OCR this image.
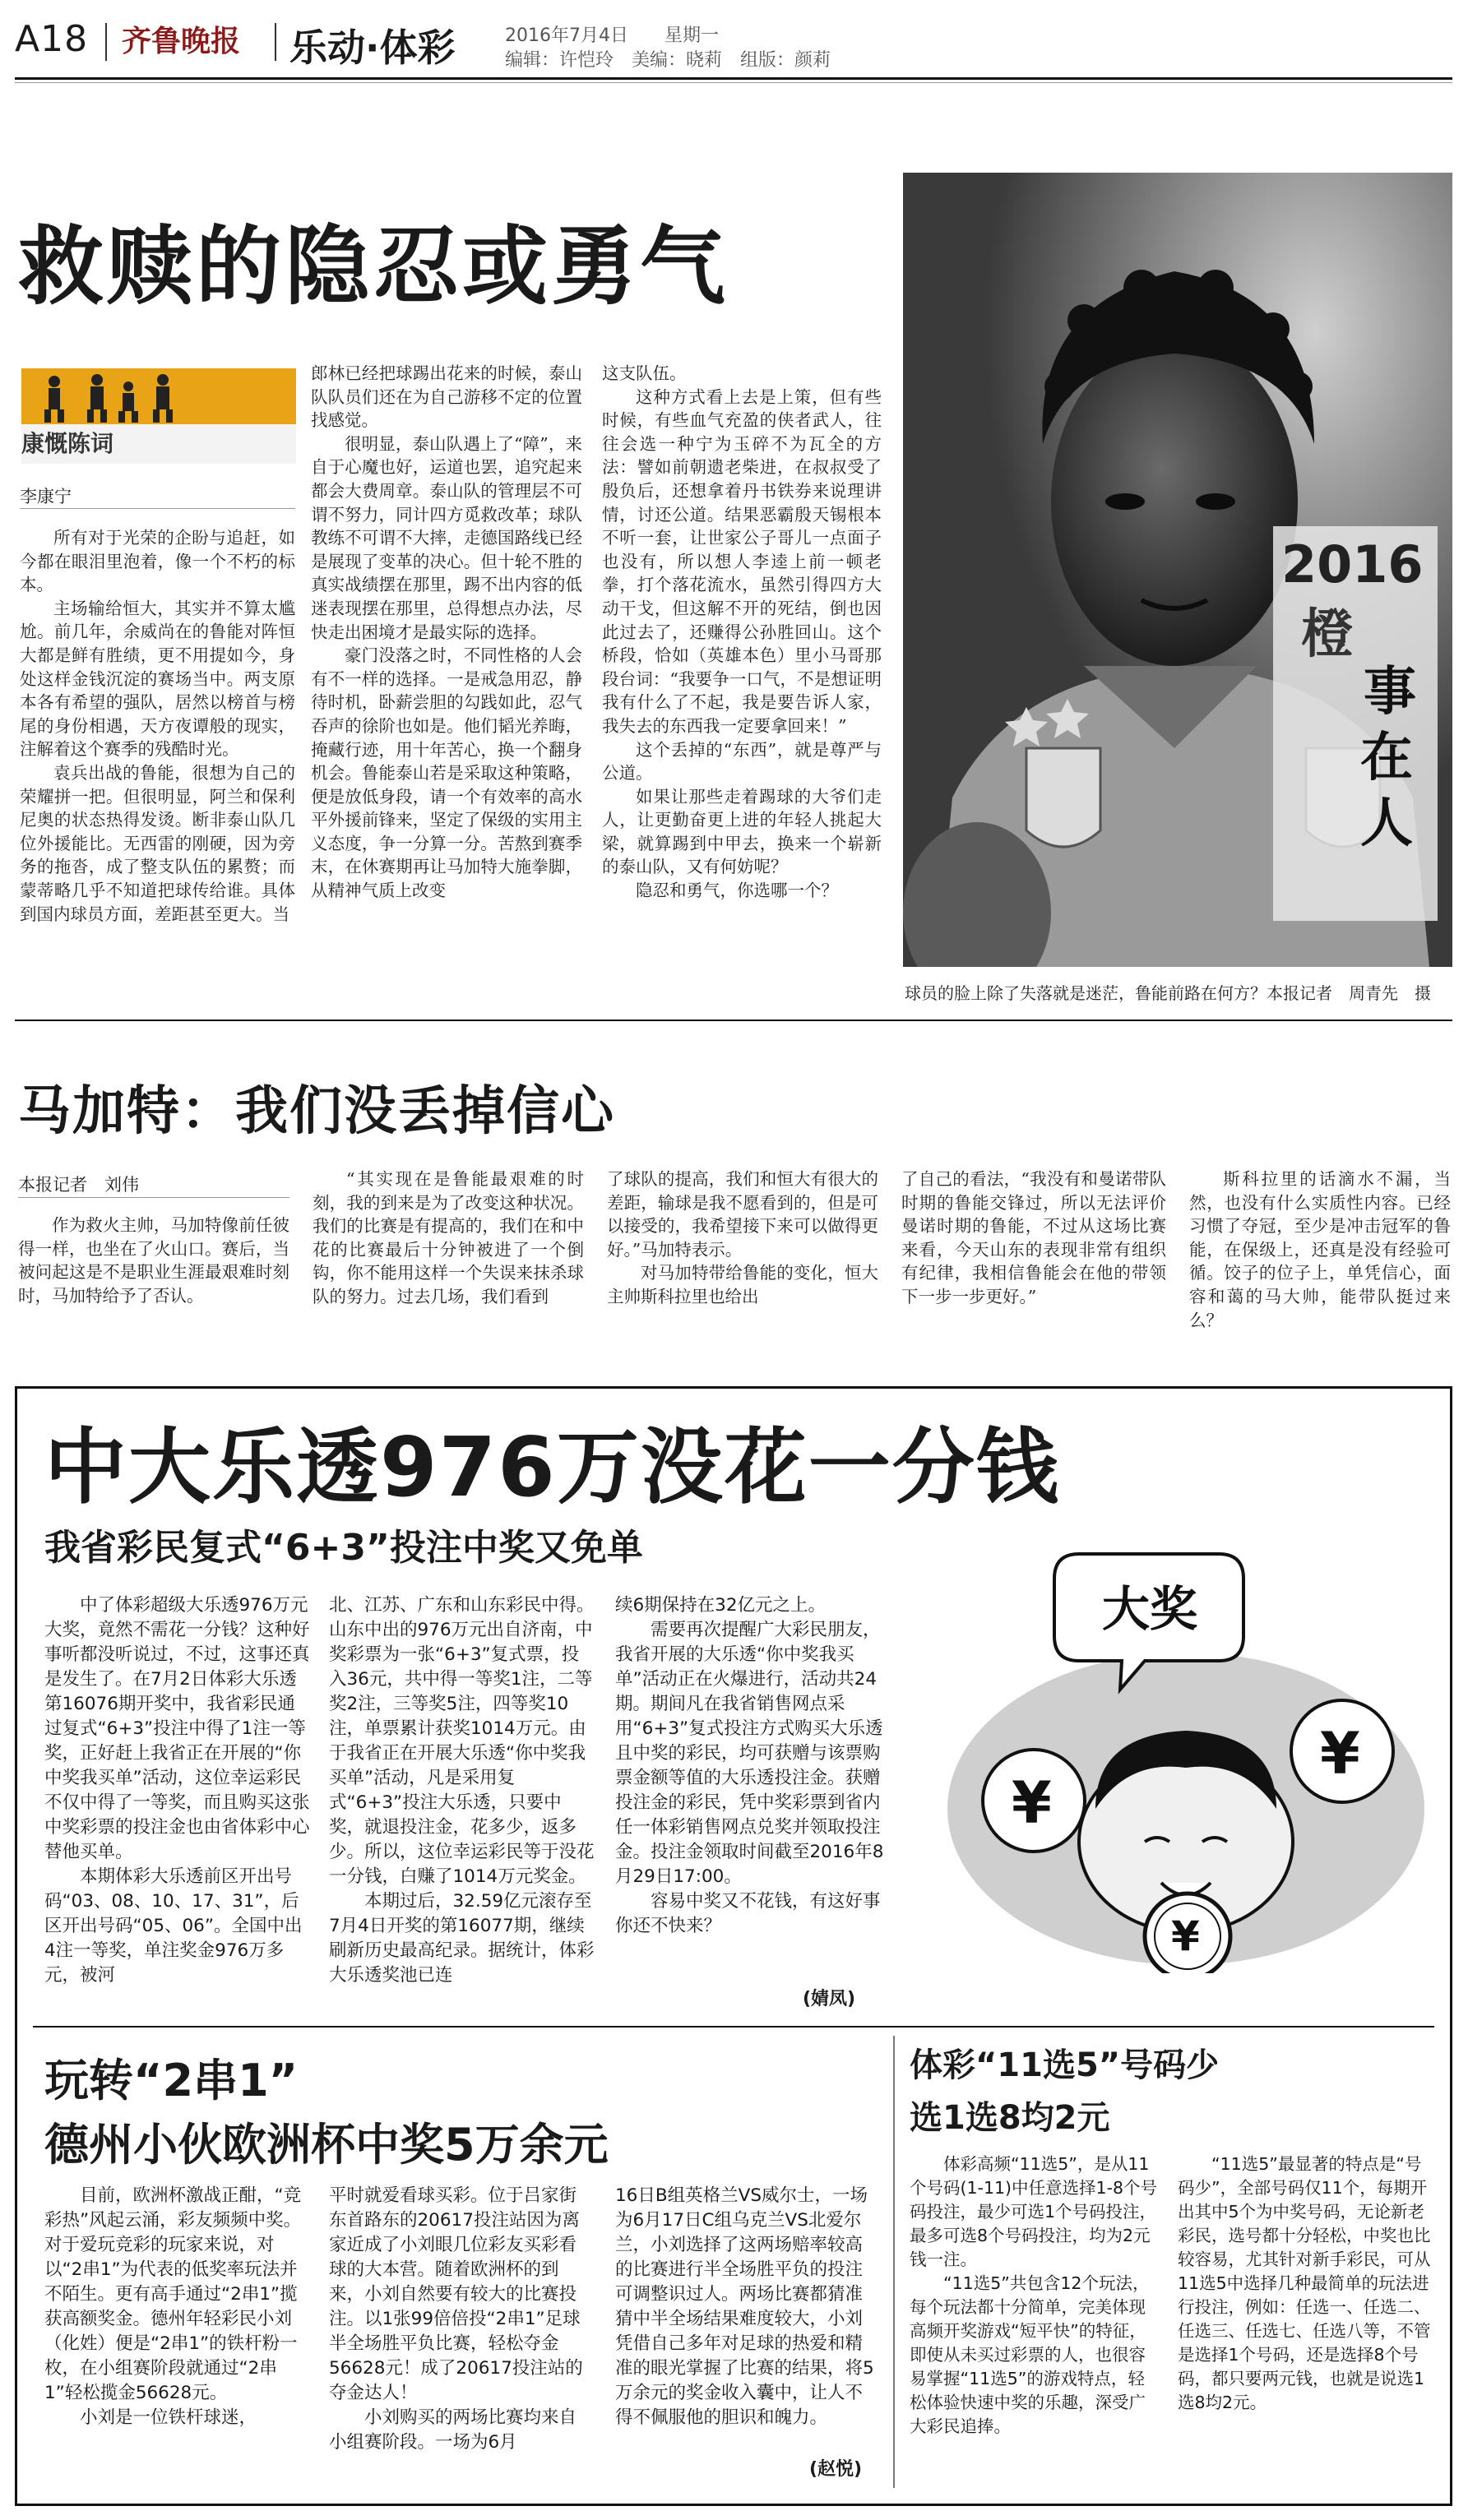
A18 齐鲁晚报 乐动·体彩	2016年7月4日　　 星期一
编辑：许恺玲　美编：晓莉　组版：颜莉
救赎的隐忍或勇气
康慨陈词
李康宁

所有对于光荣的企盼与追赶，如今都在眼泪里泡着，像一个不朽的标本。

主场输给恒大，其实并不算太尴尬。前几年，余威尚在的鲁能对阵恒大都是鲜有胜绩，更不用提如今，身处这样金钱沉淀的赛场当中。两支原本各有希望的强队，居然以榜首与榜尾的身份相遇，天方夜谭般的现实，注解着这个赛季的残酷时光。

袁兵出战的鲁能，很想为自己的荣耀拼一把。但很明显，阿兰和保利尼奥的状态热得发烫。断非泰山队几位外援能比。无西雷的刚硬，因为旁务的拖沓，成了整支队伍的累赘；而蒙蒂略几乎不知道把球传给谁。具体到国内球员方面，差距甚至更大。当

郎林已经把球踢出花来的时候，泰山队队员们还在为自己游移不定的位置找感觉。

很明显，泰山队遇上了“障”，来自于心魔也好，运道也罢，追究起来都会大费周章。泰山队的管理层不可谓不努力，同计四方觅救改革；球队教练不可谓不大摔，走德国路线已经是展现了变革的决心。但十轮不胜的真实战绩摆在那里，踢不出内容的低迷表现摆在那里，总得想点办法，尽快走出困境才是最实际的选择。

豪门没落之时，不同性格的人会有不一样的选择。一是戒急用忍，静待时机，卧薪尝胆的勾践如此，忍气吞声的徐阶也如是。他们韬光养晦，掩藏行迹，用十年苦心，换一个翻身机会。鲁能泰山若是采取这种策略，便是放低身段，请一个有效率的高水平外援前锋来，坚定了保级的实用主义态度，争一分算一分。苦熬到赛季末，在休赛期再让马加特大施拳脚，从精神气质上改变

这支队伍。

这种方式看上去是上策，但有些时候，有些血气充盈的侠者武人，往往会选一种宁为玉碎不为瓦全的方法：譬如前朝遗老柴进，在叔叔受了殷负后，还想拿着丹书铁券来说理讲情，讨还公道。结果恶霸殷天锡根本不听一套，让世家公子哥儿一点面子也没有，所以想人李逵上前一顿老拳，打个落花流水，虽然引得四方大动干戈，但这解不开的死结，倒也因此过去了，还赚得公孙胜回山。这个桥段，恰如（英雄本色）里小马哥那段台词：“我要争一口气，不是想证明我有什么了不起，我是要告诉人家，我失去的东西我一定要拿回来！”

这个丢掉的“东西”，就是尊严与公道。

如果让那些走着踢球的大爷们走人，让更勤奋更上进的年轻人挑起大梁，就算踢到中甲去，换来一个崭新的泰山队，又有何妨呢？

隐忍和勇气，你选哪一个？

2016
橙
事
在
人
球员的脸上除了失落就是迷茫，鲁能前路在何方？本报记者　周青先　摄
马加特：我们没丢掉信心
本报记者　刘伟

作为救火主帅，马加特像前任彼得一样，也坐在了火山口。赛后，当被问起这是不是职业生涯最艰难时刻时，马加特给予了否认。

“其实现在是鲁能最艰难的时刻，我的到来是为了改变这种状况。我们的比赛是有提高的，我们在和中花的比赛最后十分钟被进了一个倒钩，你不能用这样一个失误来抹杀球队的努力。过去几场，我们看到

了球队的提高，我们和恒大有很大的差距，输球是我不愿看到的，但是可以接受的，我希望接下来可以做得更好。”马加特表示。

对马加特带给鲁能的变化，恒大主帅斯科拉里也给出

了自己的看法，“我没有和曼诺带队时期的鲁能交锋过，所以无法评价曼诺时期的鲁能，不过从这场比赛来看，今天山东的表现非常有组织有纪律，我相信鲁能会在他的带领下一步一步更好。”

斯科拉里的话滴水不漏，当然，也没有什么实质性内容。已经习惯了夺冠，至少是冲击冠军的鲁能，在保级上，还真是没有经验可循。饺子的位子上，单凭信心，面容和蔼的马大帅，能带队挺过来么？

中大乐透976万没花一分钱
我省彩民复式“6+3”投注中奖又免单

中了体彩超级大乐透976万元大奖，竟然不需花一分钱？这种好事听都没听说过，不过，这事还真是发生了。在7月2日体彩大乐透第16076期开奖中，我省彩民通过复式“6+3”投注中得了1注一等奖，正好赶上我省正在开展的“你中奖我买单”活动，这位幸运彩民不仅中得了一等奖，而且购买这张中奖彩票的投注金也由省体彩中心替他买单。

本期体彩大乐透前区开出号码“03、08、10、17、31”，后区开出号码“05、06”。全国中出4注一等奖，单注奖金976万多元，被河

北、江苏、广东和山东彩民中得。山东中出的976万元出自济南，中奖彩票为一张“6+3”复式票，投入36元，共中得一等奖1注，二等奖2注，三等奖5注，四等奖10注，单票累计获奖1014万元。由于我省正在开展大乐透“你中奖我买单”活动，凡是采用复式“6+3”投注大乐透，只要中奖，就退投注金，花多少，返多少。所以，这位幸运彩民等于没花一分钱，白赚了1014万元奖金。

本期过后，32.59亿元滚存至7月4日开奖的第16077期，继续刷新历史最高纪录。据统计，体彩大乐透奖池已连

续6期保持在32亿元之上。

需要再次提醒广大彩民朋友，我省开展的大乐透“你中奖我买单”活动正在火爆进行，活动共24期。期间凡在我省销售网点采用“6+3”复式投注方式购买大乐透且中奖的彩民，均可获赠与该票购票金额等值的大乐透投注金。获赠投注金的彩民，凭中奖彩票到省内任一体彩销售网点兑奖并领取投注金。投注金领取时间截至2016年8月29日17:00。

容易中奖又不花钱，有这好事你还不快来？

(婧凤)
大奖
¥
¥
¥
玩转“2串1”
德州小伙欧洲杯中奖5万余元

目前，欧洲杯激战正酣，“竞彩热”风起云涌，彩友频频中奖。对于爱玩竞彩的玩家来说，对以“2串1”为代表的低奖率玩法并不陌生。更有高手通过“2串1”揽获高额奖金。德州年轻彩民小刘（化姓）便是“2串1”的铁杆粉一枚，在小组赛阶段就通过“2串1”轻松揽金56628元。

小刘是一位铁杆球迷，

平时就爱看球买彩。位于吕家街东首路东的20617投注站因为离家近成了小刘眼几位彩友买彩看球的大本营。随着欧洲杯的到来，小刘自然要有较大的比赛投注。以1张99倍倍投“2串1”足球半全场胜平负比赛，轻松夺金56628元！成了20617投注站的夺金达人！

小刘购买的两场比赛均来自小组赛阶段。一场为6月

16日B组英格兰VS威尔士，一场为6月17日C组乌克兰VS北爱尔兰，小刘选择了这两场赔率较高的比赛进行半全场胜平负的投注可调整识过人。两场比赛都猜准猜中半全场结果难度较大，小刘凭借自己多年对足球的热爱和精准的眼光掌握了比赛的结果，将5万余元的奖金收入囊中，让人不得不佩服他的胆识和魄力。

(赵悦)
体彩“11选5”号码少
选1选8均2元

体彩高频“11选5”，是从11个号码(1-11)中任意选择1-8个号码投注，最少可选1个号码投注，最多可选8个号码投注，均为2元钱一注。

“11选5”共包含12个玩法，每个玩法都十分简单，完美体现高频开奖游戏“短平快”的特征，即使从未买过彩票的人，也很容易掌握“11选5”的游戏特点，轻松体验快速中奖的乐趣，深受广大彩民追捧。

“11选5”最显著的特点是“号码少”，全部号码仅11个，每期开出其中5个为中奖号码，无论新老彩民，选号都十分轻松，中奖也比较容易，尤其针对新手彩民，可从11选5中选择几种最简单的玩法进行投注，例如：任选一、任选二、任选三、任选七、任选八等，不管是选择1个号码，还是选择8个号码，都只要两元钱，也就是说选1选8均2元。
